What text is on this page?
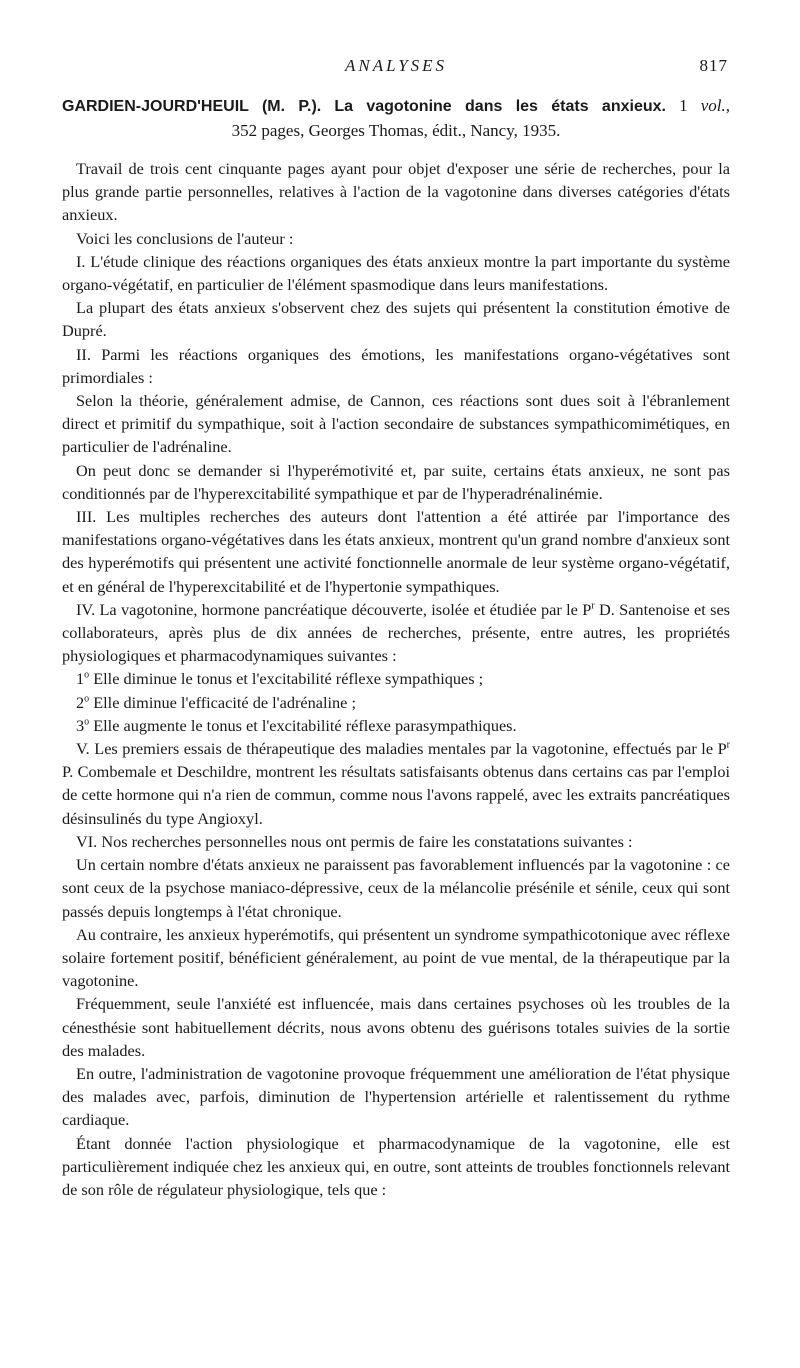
ANALYSES	817
GARDIEN-JOURD'HEUIL (M. P.). La vagotonine dans les états anxieux. 1 vol.,
352 pages, Georges Thomas, édit., Nancy, 1935.

Travail de trois cent cinquante pages ayant pour objet d'exposer une série de recherches, pour la plus grande partie personnelles, relatives à l'action de la vagotonine dans diverses catégories d'états anxieux.

Voici les conclusions de l'auteur :

I. L'étude clinique des réactions organiques des états anxieux montre la part importante du système organo-végétatif, en particulier de l'élément spasmodique dans leurs manifestations.

La plupart des états anxieux s'observent chez des sujets qui présentent la constitution émotive de Dupré.

II. Parmi les réactions organiques des émotions, les manifestations organo-végétatives sont primordiales :

Selon la théorie, généralement admise, de Cannon, ces réactions sont dues soit à l'ébranlement direct et primitif du sympathique, soit à l'action secondaire de substances sympathicomimétiques, en particulier de l'adrénaline.

On peut donc se demander si l'hyperémotivité et, par suite, certains états anxieux, ne sont pas conditionnés par de l'hyperexcitabilité sympathique et par de l'hyperadrénalinémie.

III. Les multiples recherches des auteurs dont l'attention a été attirée par l'importance des manifestations organo-végétatives dans les états anxieux, montrent qu'un grand nombre d'anxieux sont des hyperémotifs qui présentent une activité fonctionnelle anormale de leur système organo-végétatif, et en général de l'hyperexcitabilité et de l'hypertonie sympathiques.

IV. La vagotonine, hormone pancréatique découverte, isolée et étudiée par le $P^r$ D. Santenoise et ses collaborateurs, après plus de dix années de recherches, présente, entre autres, les propriétés physiologiques et pharmacodynamiques suivantes :

1$^o$ Elle diminue le tonus et l'excitabilité réflexe sympathiques ;

2$^o$ Elle diminue l'efficacité de l'adrénaline ;

3$^o$ Elle augmente le tonus et l'excitabilité réflexe parasympathiques.

V. Les premiers essais de thérapeutique des maladies mentales par la vagotonine, effectués par le $P^r$ P. Combemale et Deschildre, montrent les résultats satisfaisants obtenus dans certains cas par l'emploi de cette hormone qui n'a rien de commun, comme nous l'avons rappelé, avec les extraits pancréatiques désinsulinés du type Angioxyl.

VI. Nos recherches personnelles nous ont permis de faire les constatations suivantes :

Un certain nombre d'états anxieux ne paraissent pas favorablement influencés par la vagotonine : ce sont ceux de la psychose maniaco-dépressive, ceux de la mélancolie présénile et sénile, ceux qui sont passés depuis longtemps à l'état chronique.

Au contraire, les anxieux hyperémotifs, qui présentent un syndrome sympathicotonique avec réflexe solaire fortement positif, bénéficient généralement, au point de vue mental, de la thérapeutique par la vagotonine.

Fréquemment, seule l'anxiété est influencée, mais dans certaines psychoses où les troubles de la cénesthésie sont habituellement décrits, nous avons obtenu des guérisons totales suivies de la sortie des malades.

En outre, l'administration de vagotonine provoque fréquemment une amélioration de l'état physique des malades avec, parfois, diminution de l'hypertension artérielle et ralentissement du rythme cardiaque.

Étant donnée l'action physiologique et pharmacodynamique de la vagotonine, elle est particulièrement indiquée chez les anxieux qui, en outre, sont atteints de troubles fonctionnels relevant de son rôle de régulateur physiologique, tels que :
